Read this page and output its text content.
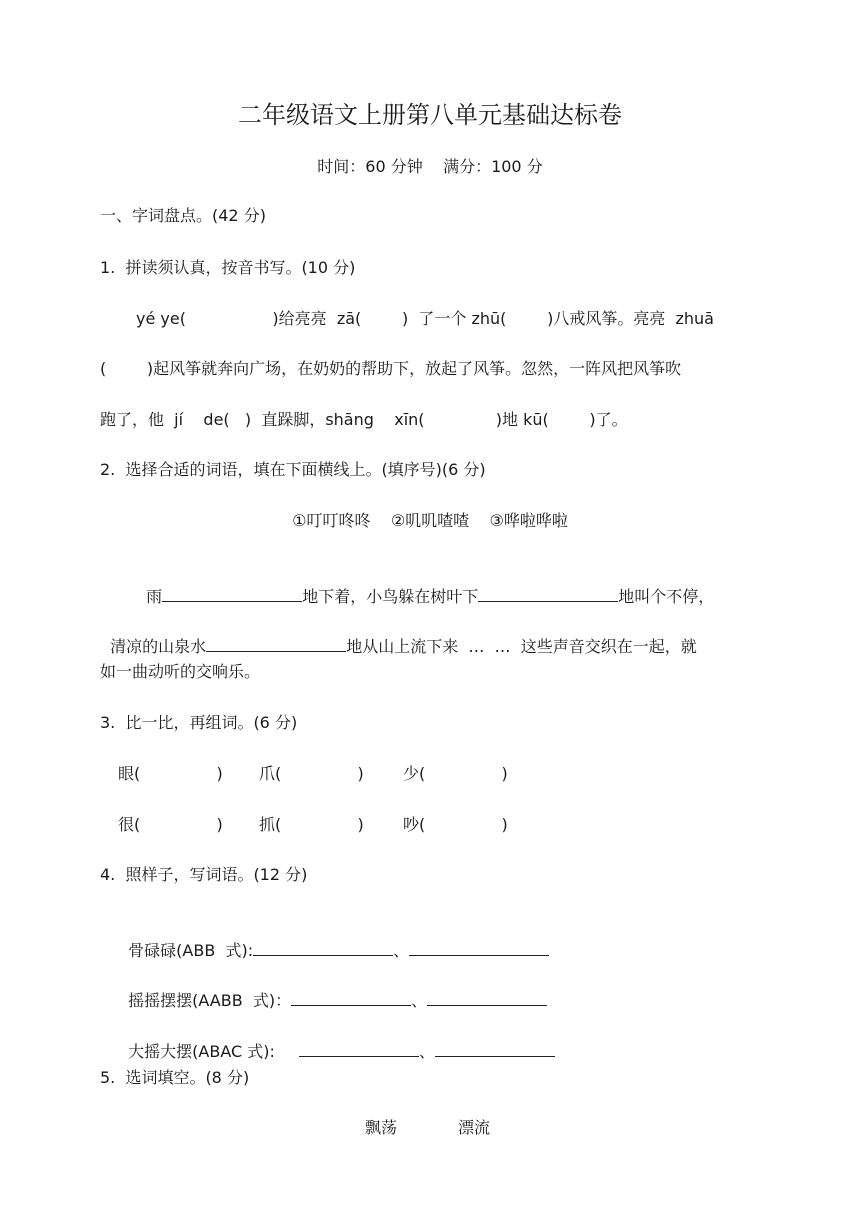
二年级语文上册第八单元基础达标卷
时间：60 分钟    满分：100 分
一、字词盘点。(42 分)
1.  拼读须认真，按音书写。(10 分)
yé ye(                 )给亮亮  zā(        )  了一个 zhū(        )八戒风筝。亮亮  zhuā
(        )起风筝就奔向广场，在奶奶的帮助下，放起了风筝。忽然，一阵风把风筝吹
跑了，他  jí    de(   )  直跺脚，shāng    xīn(              )地 kū(        )了。
2.  选择合适的词语，填在下面横线上。(填序号)(6 分)
①叮叮咚咚    ②叽叽喳喳    ③哗啦哗啦

雨	地下着，小鸟躲在树叶下	地叫个不停，

清凉的山泉水	地从山上流下来  …  …  这些声音交织在一起，就

如一曲动听的交响乐。
3.  比一比，再组词。(6 分)
眼(               ) 爪(               ) 少(               )
很(               ) 抓(               ) 吵(               )
4.  照样子，写词语。(12 分)

骨碌碌(ABB  式):	、

摇摇摆摆(AABB  式)：	、

大摇大摆(ABAC 式):	、

5.  选词填空。(8 分)
飘荡	漂流
